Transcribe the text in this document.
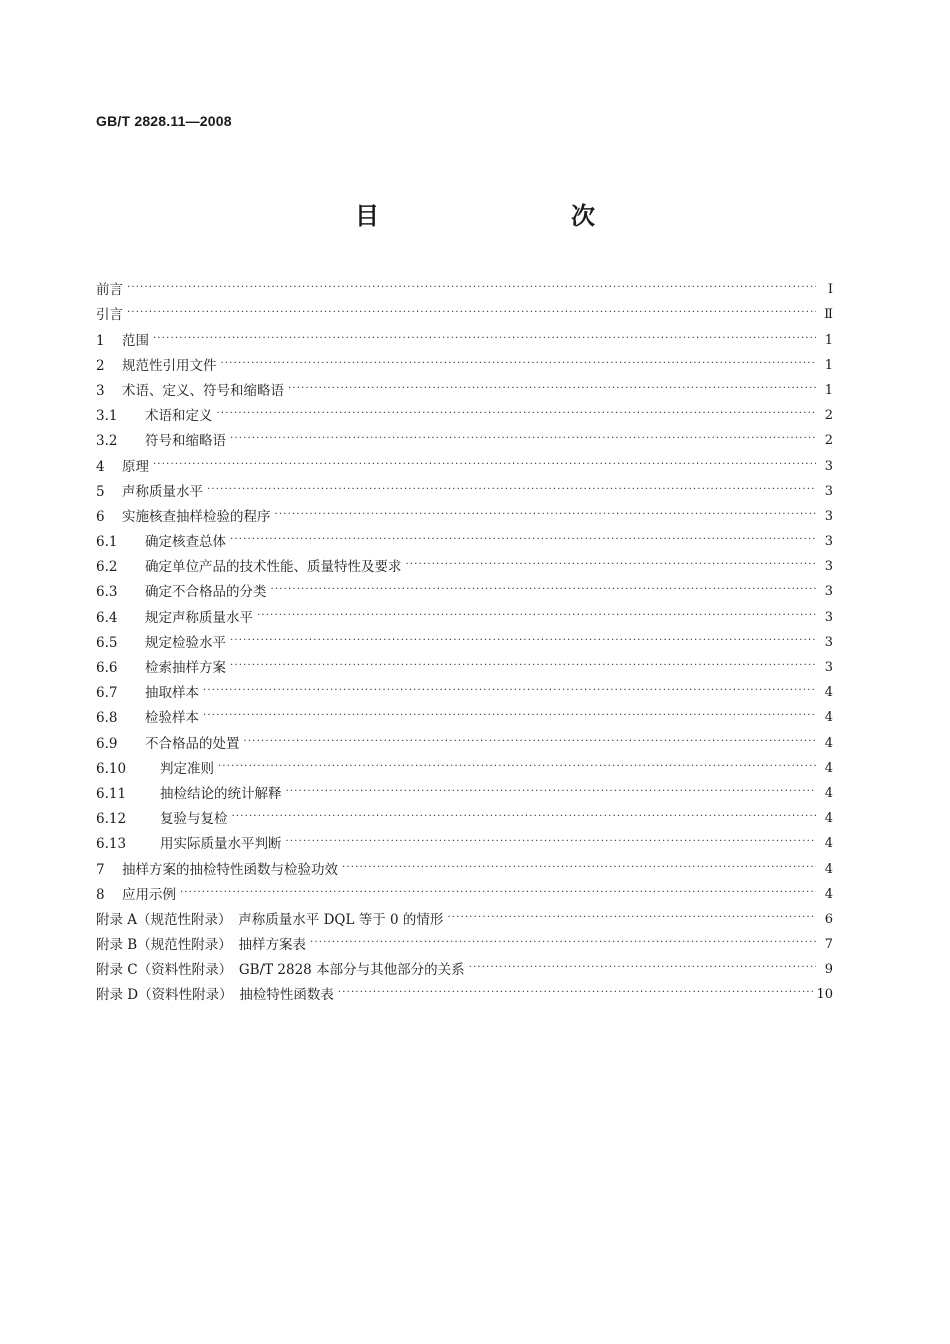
GB/T 2828.11—2008
目　　次
前言 ·····	Ⅰ
引言 ·····	Ⅱ
1	范围 ·····	1
2	规范性引用文件 ·····	1
3	术语、定义、符号和缩略语 ·····	1
3.1	术语和定义 ·····	2
3.2	符号和缩略语 ·····	2
4	原理 ·····	3
5	声称质量水平 ·····	3
6	实施核查抽样检验的程序 ·····	3
6.1	确定核查总体 ·····	3
6.2	确定单位产品的技术性能、质量特性及要求 ·····	3
6.3	确定不合格品的分类 ·····	3
6.4	规定声称质量水平 ·····	3
6.5	规定检验水平 ·····	3
6.6	检索抽样方案 ·····	3
6.7	抽取样本 ·····	4
6.8	检验样本 ·····	4
6.9	不合格品的处置 ·····	4
6.10	判定准则 ·····	4
6.11	抽检结论的统计解释 ·····	4
6.12	复验与复检 ·····	4
6.13	用实际质量水平判断 ·····	4
7	抽样方案的抽检特性函数与检验功效 ·····	4
8	应用示例 ·····	4
附录 A（规范性附录）　声称质量水平 DQL 等于 0 的情形 ·····	6
附录 B（规范性附录）　抽样方案表 ·····	7
附录 C（资料性附录）　GB/T 2828 本部分与其他部分的关系 ·····	9
附录 D（资料性附录）　抽检特性函数表 ·····	10
